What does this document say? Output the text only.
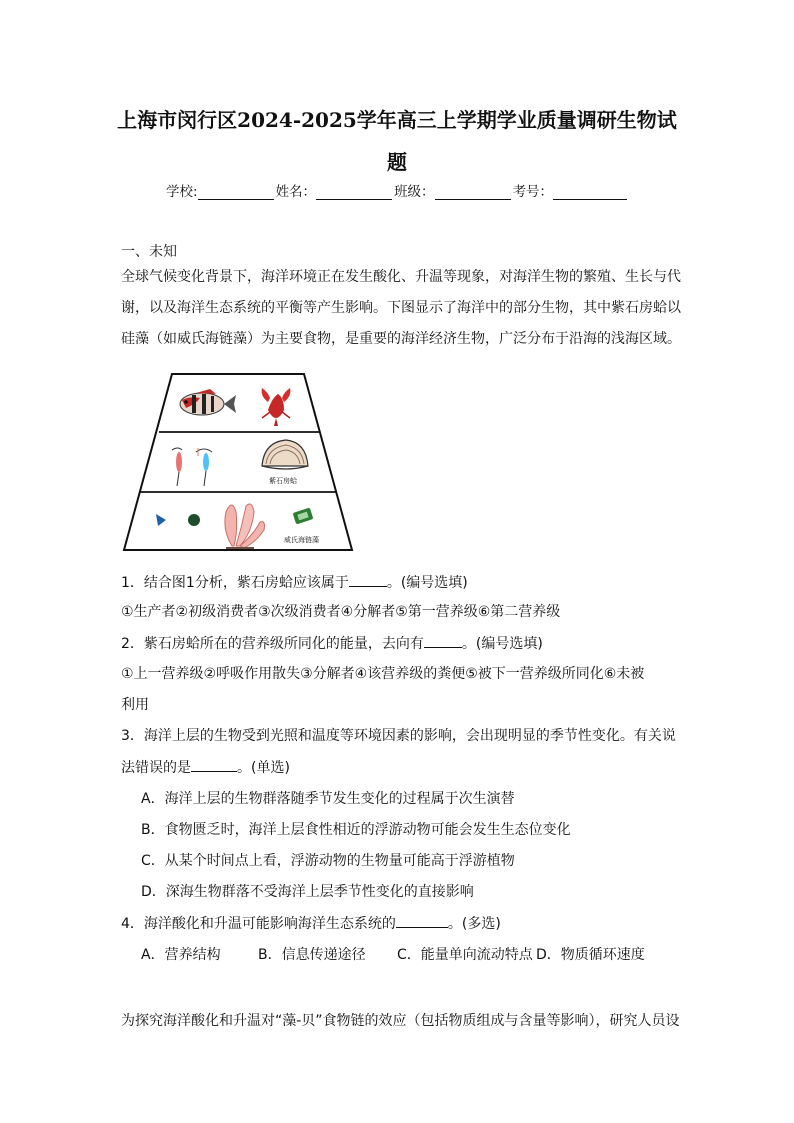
上海市闵行区2024-2025学年高三上学期学业质量调研生物试
题
学校:	姓名：	班级：	考号：
一、未知
全球气候变化背景下，海洋环境正在发生酸化、升温等现象，对海洋生物的繁殖、生长与代
谢，以及海洋生态系统的平衡等产生影响。下图显示了海洋中的部分生物，其中紫石房蛤以
硅藻（如威氏海链藻）为主要食物，是重要的海洋经济生物，广泛分布于沿海的浅海区域。
紫石房蛤
威氏海链藻
1．结合图1分析，紫石房蛤应该属于	。(编号选填)
①生产者②初级消费者③次级消费者④分解者⑤第一营养级⑥第二营养级
2．紫石房蛤所在的营养级所同化的能量，去向有	。(编号选填)
①上一营养级②呼吸作用散失③分解者④该营养级的粪便⑤被下一营养级所同化⑥未被
利用
3．海洋上层的生物受到光照和温度等环境因素的影响，会出现明显的季节性变化。有关说
法错误的是	。(单选)
A．海洋上层的生物群落随季节发生变化的过程属于次生演替
B．食物匮乏时，海洋上层食性相近的浮游动物可能会发生生态位变化
C．从某个时间点上看，浮游动物的生物量可能高于浮游植物
D．深海生物群落不受海洋上层季节性变化的直接影响
4．海洋酸化和升温可能影响海洋生态系统的	。(多选)
A．营养结构	B．信息传递途径 C．能量单向流动特点 D．物质循环速度
为探究海洋酸化和升温对“藻-贝”食物链的效应（包括物质组成与含量等影响），研究人员设
